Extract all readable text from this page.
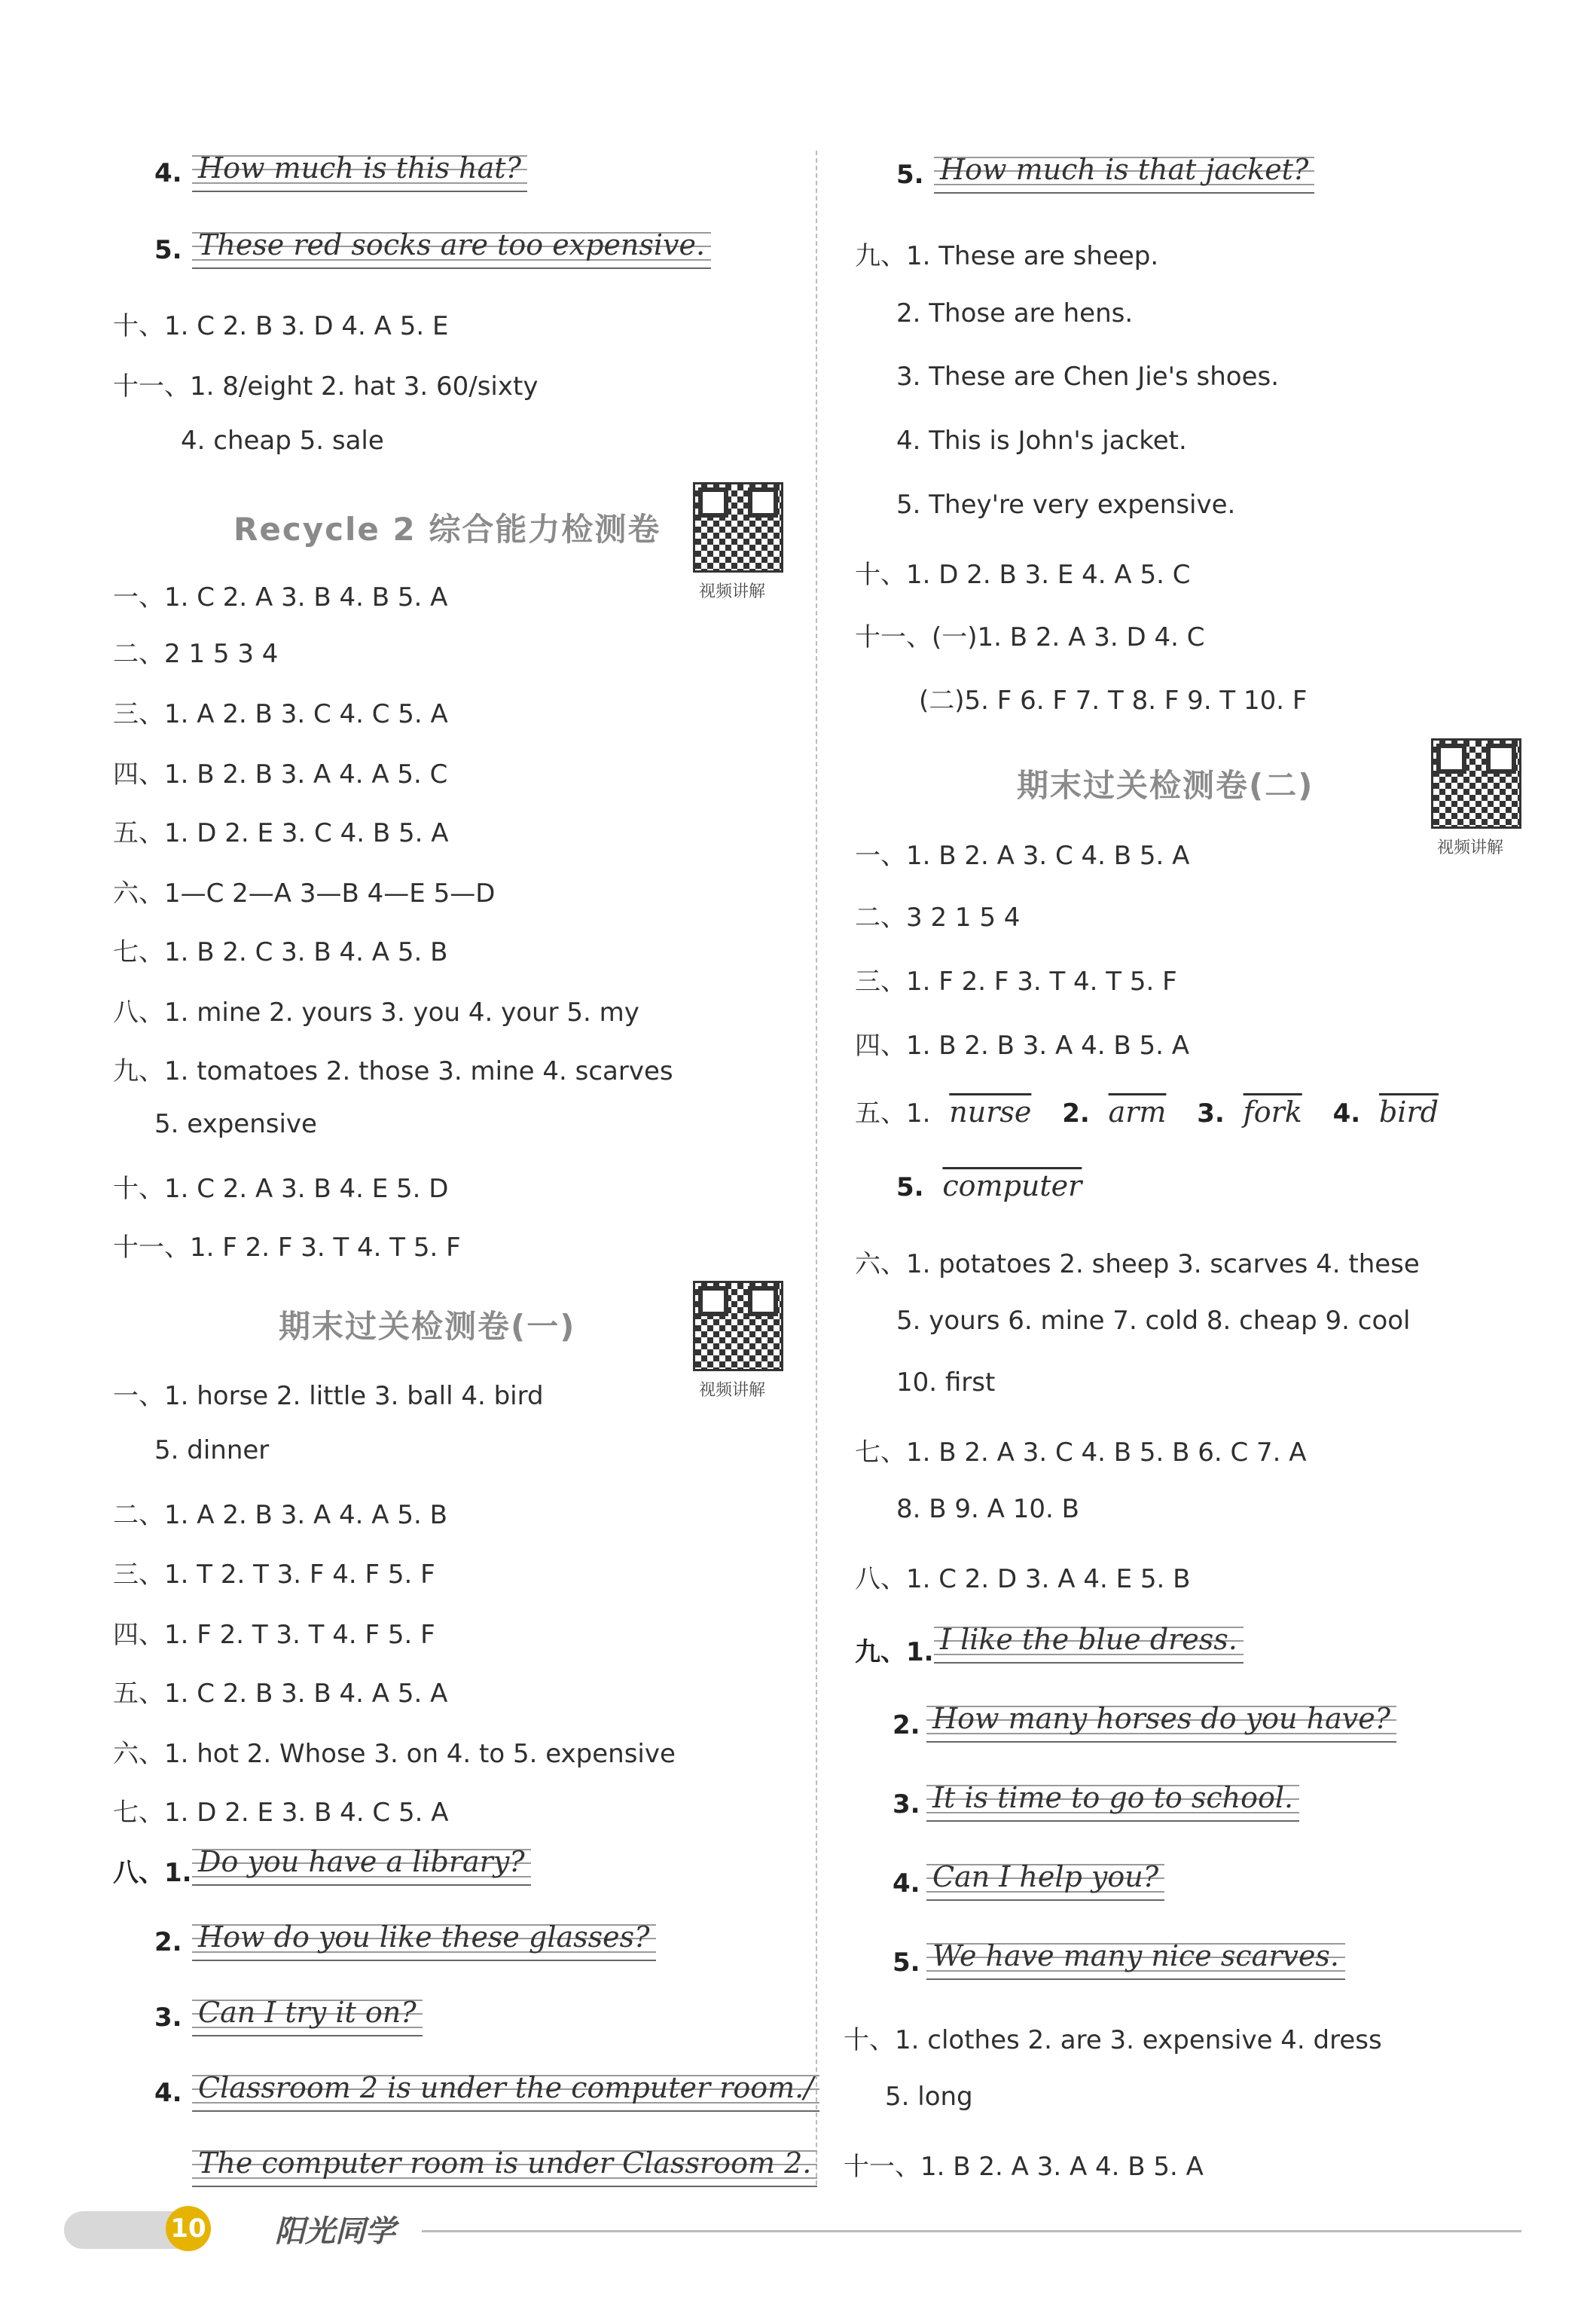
4. How much is this hat?
5. These red socks are too expensive.
十、1. C 2. B 3. D 4. A 5. E
十一、1. 8/eight 2. hat 3. 60/sixty
4. cheap 5. sale
Recycle 2 综合能力检测卷
视频讲解
一、1. C 2. A 3. B 4. B 5. A
二、2 1 5 3 4
三、1. A 2. B 3. C 4. C 5. A
四、1. B 2. B 3. A 4. A 5. C
五、1. D 2. E 3. C 4. B 5. A
六、1—C 2—A 3—B 4—E 5—D
七、1. B 2. C 3. B 4. A 5. B
八、1. mine 2. yours 3. you 4. your 5. my
九、1. tomatoes 2. those 3. mine 4. scarves
5. expensive
十、1. C 2. A 3. B 4. E 5. D
十一、1. F 2. F 3. T 4. T 5. F
期末过关检测卷(一)
视频讲解
一、1. horse 2. little 3. ball 4. bird
5. dinner
二、1. A 2. B 3. A 4. A 5. B
三、1. T 2. T 3. F 4. F 5. F
四、1. F 2. T 3. T 4. F 5. F
五、1. C 2. B 3. B 4. A 5. A
六、1. hot 2. Whose 3. on 4. to 5. expensive
七、1. D 2. E 3. B 4. C 5. A
八、1. Do you have a library?
2. How do you like these glasses?
3. Can I try it on?
4. Classroom 2 is under the computer room./
The computer room is under Classroom 2.
5. How much is that jacket?
九、1. These are sheep.
2. Those are hens.
3. These are Chen Jie's shoes.
4. This is John's jacket.
5. They're very expensive.
十、1. D 2. B 3. E 4. A 5. C
十一、(一)1. B 2. A 3. D 4. C
(二)5. F 6. F 7. T 8. F 9. T 10. F
期末过关检测卷(二)
视频讲解
一、1. B 2. A 3. C 4. B 5. A
二、3 2 1 5 4
三、1. F 2. F 3. T 4. T 5. F
四、1. B 2. B 3. A 4. B 5. A
五、1. nurse 2. $\overline{arm}$ 3. fork 4. bird
5. computer
六、1. potatoes 2. sheep 3. scarves 4. these
5. yours 6. mine 7. cold 8. cheap 9. cool
10. first
七、1. B 2. A 3. C 4. B 5. B 6. C 7. A
8. B 9. A 10. B
八、1. C 2. D 3. A 4. E 5. B
九、1. I like the blue dress.
2. How many horses do you have?
3. It is time to go to school.
4. Can I help you?
5. We have many nice scarves.
十、1. clothes 2. are 3. expensive 4. dress
5. long
十一、1. B 2. A 3. A 4. B 5. A
10 阳光同学
